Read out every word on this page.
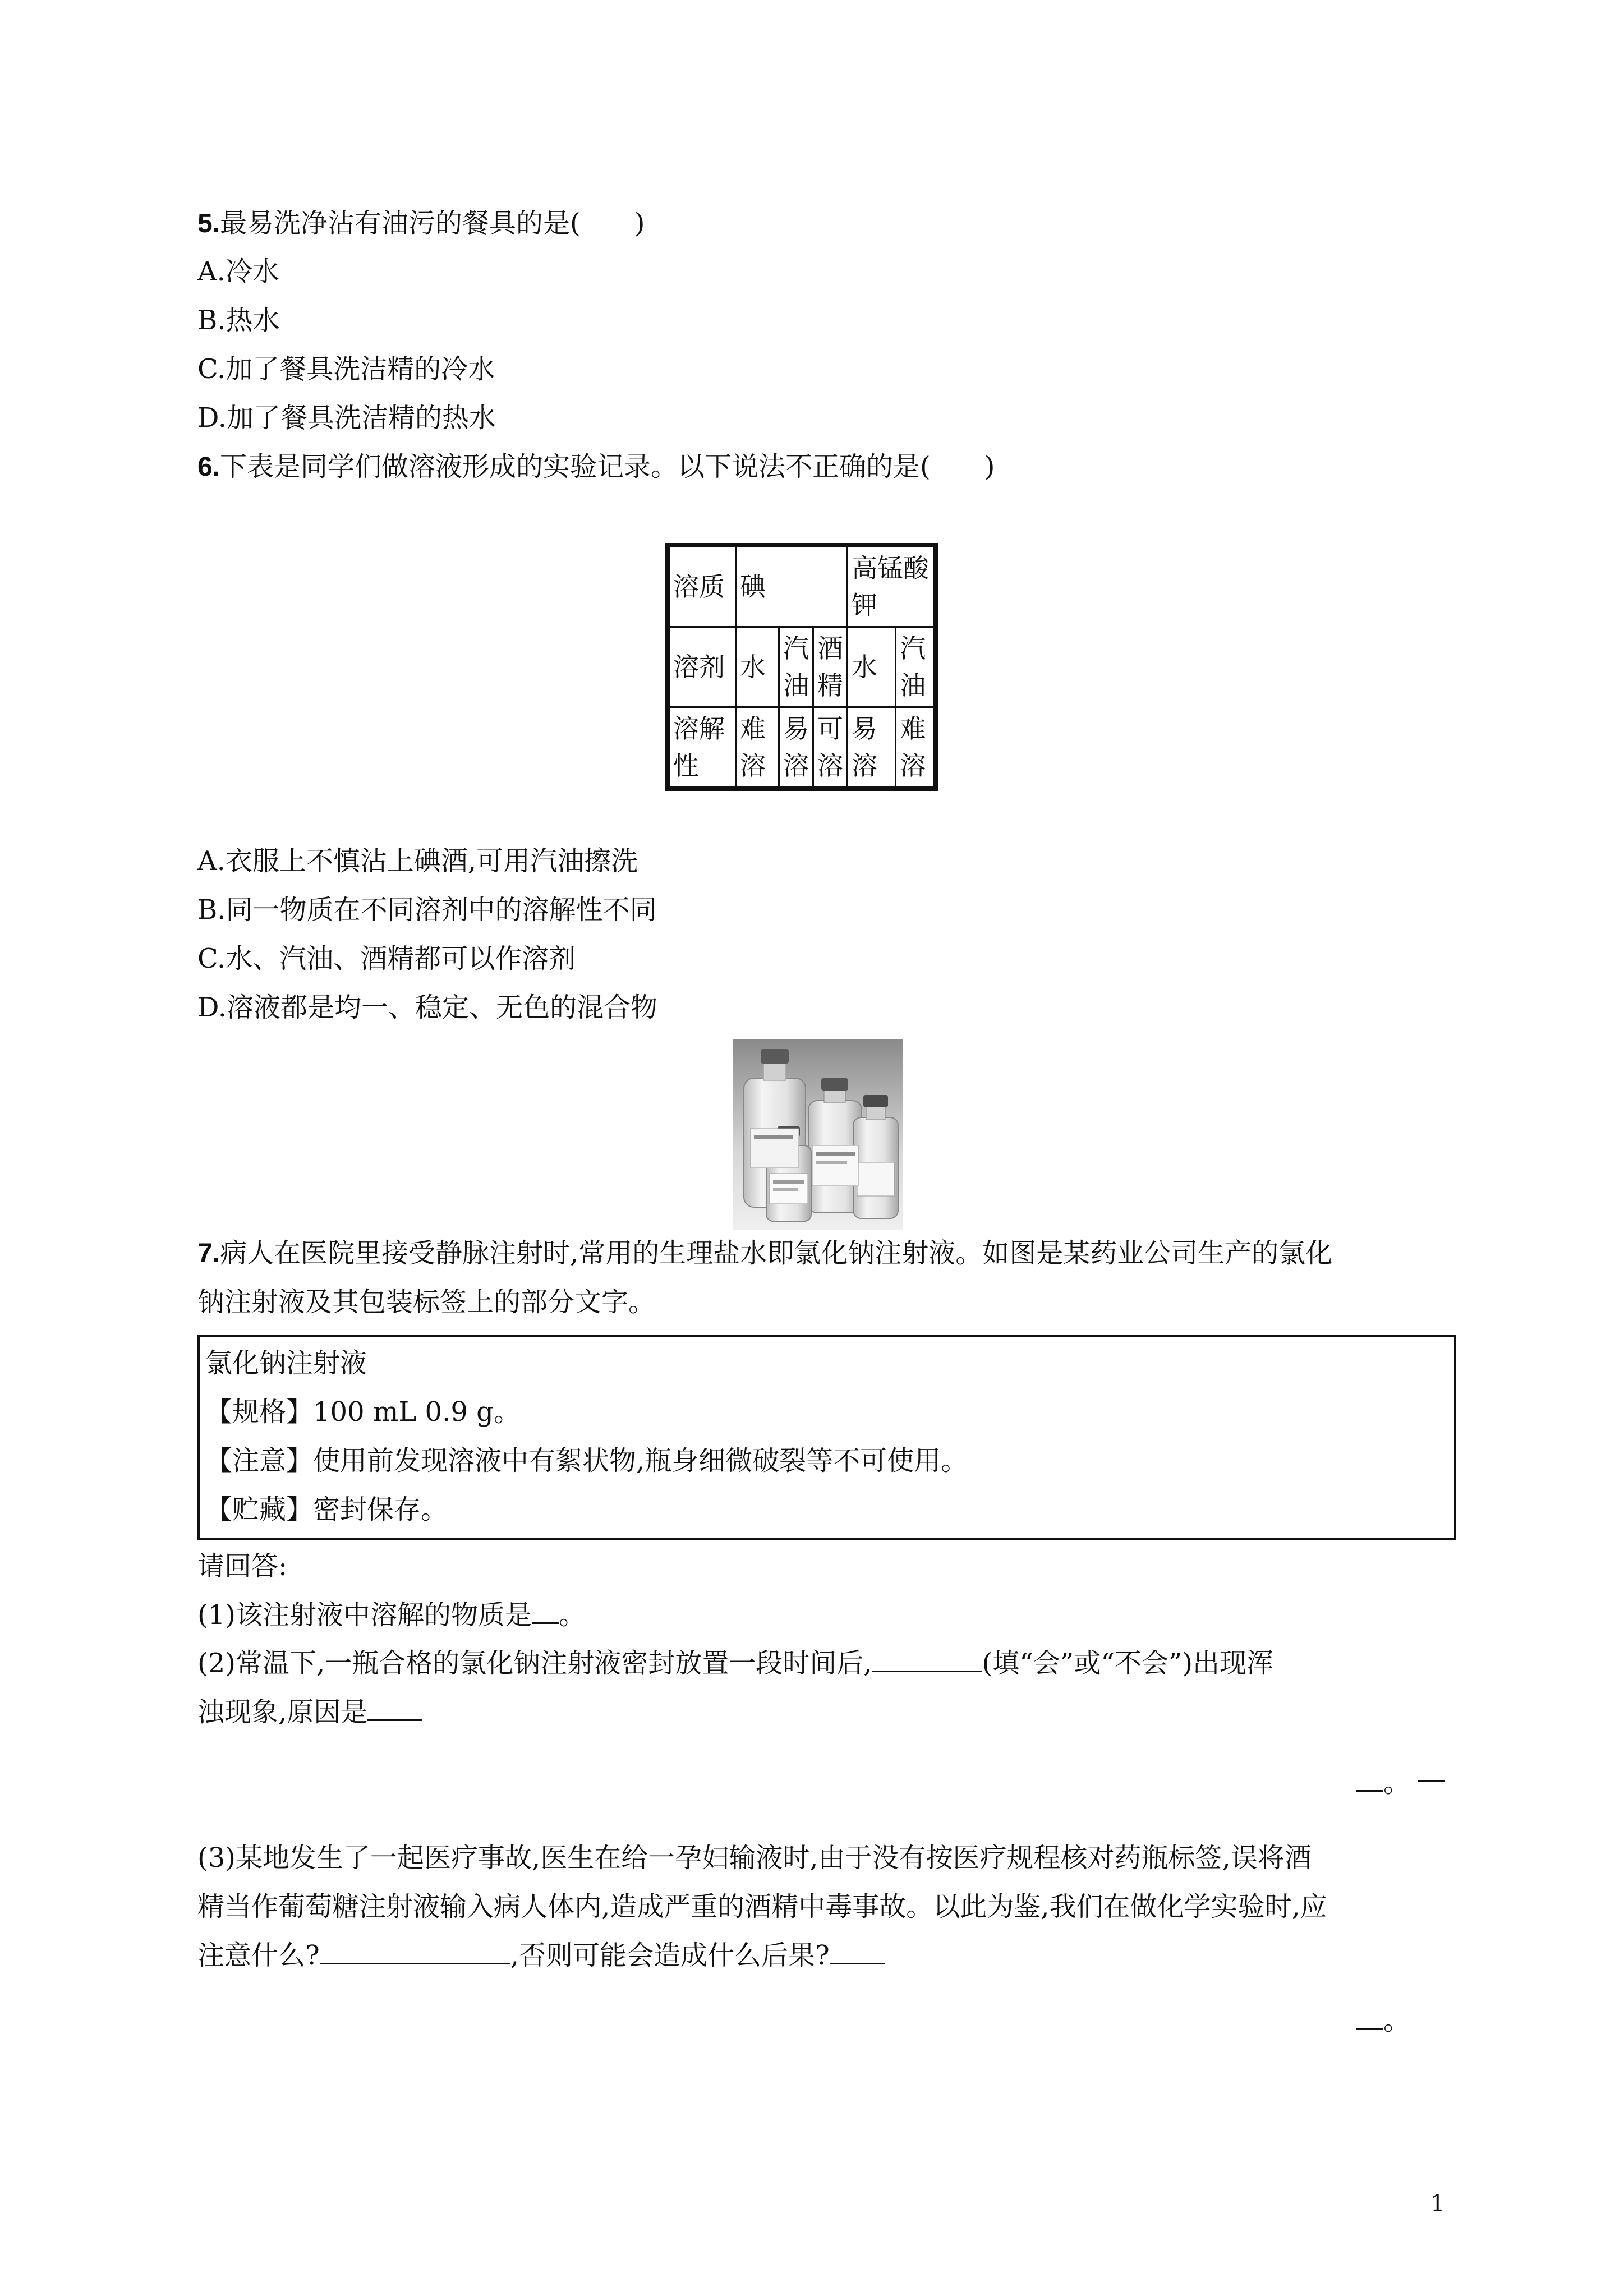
5.最易洗净沾有油污的餐具的是(　　)
A.冷水
B.热水
C.加了餐具洗洁精的冷水
D.加了餐具洗洁精的热水
6.下表是同学们做溶液形成的实验记录。以下说法不正确的是(　　)
溶质	碘			高锰酸钾	
溶剂	水	汽油	酒精	水	汽油
溶解性	难溶	易溶	可溶	易溶	难溶
A.衣服上不慎沾上碘酒,可用汽油擦洗
B.同一物质在不同溶剂中的溶解性不同
C.水、汽油、酒精都可以作溶剂
D.溶液都是均一、稳定、无色的混合物
7.病人在医院里接受静脉注射时,常用的生理盐水即氯化钠注射液。如图是某药业公司生产的氯化
钠注射液及其包装标签上的部分文字。
氯化钠注射液
【规格】100 mL 0.9 g。
【注意】使用前发现溶液中有絮状物,瓶身细微破裂等不可使用。
【贮藏】密封保存。
请回答:
(1)该注射液中溶解的物质是 。
(2)常温下,一瓶合格的氯化钠注射液密封放置一段时间后,	(填“会”或“不会”)出现浑
浊现象,原因是
。
(3)某地发生了一起医疗事故,医生在给一孕妇输液时,由于没有按医疗规程核对药瓶标签,误将酒
精当作葡萄糖注射液输入病人体内,造成严重的酒精中毒事故。以此为鉴,我们在做化学实验时,应
注意什么?	,否则可能会造成什么后果?
。
1
